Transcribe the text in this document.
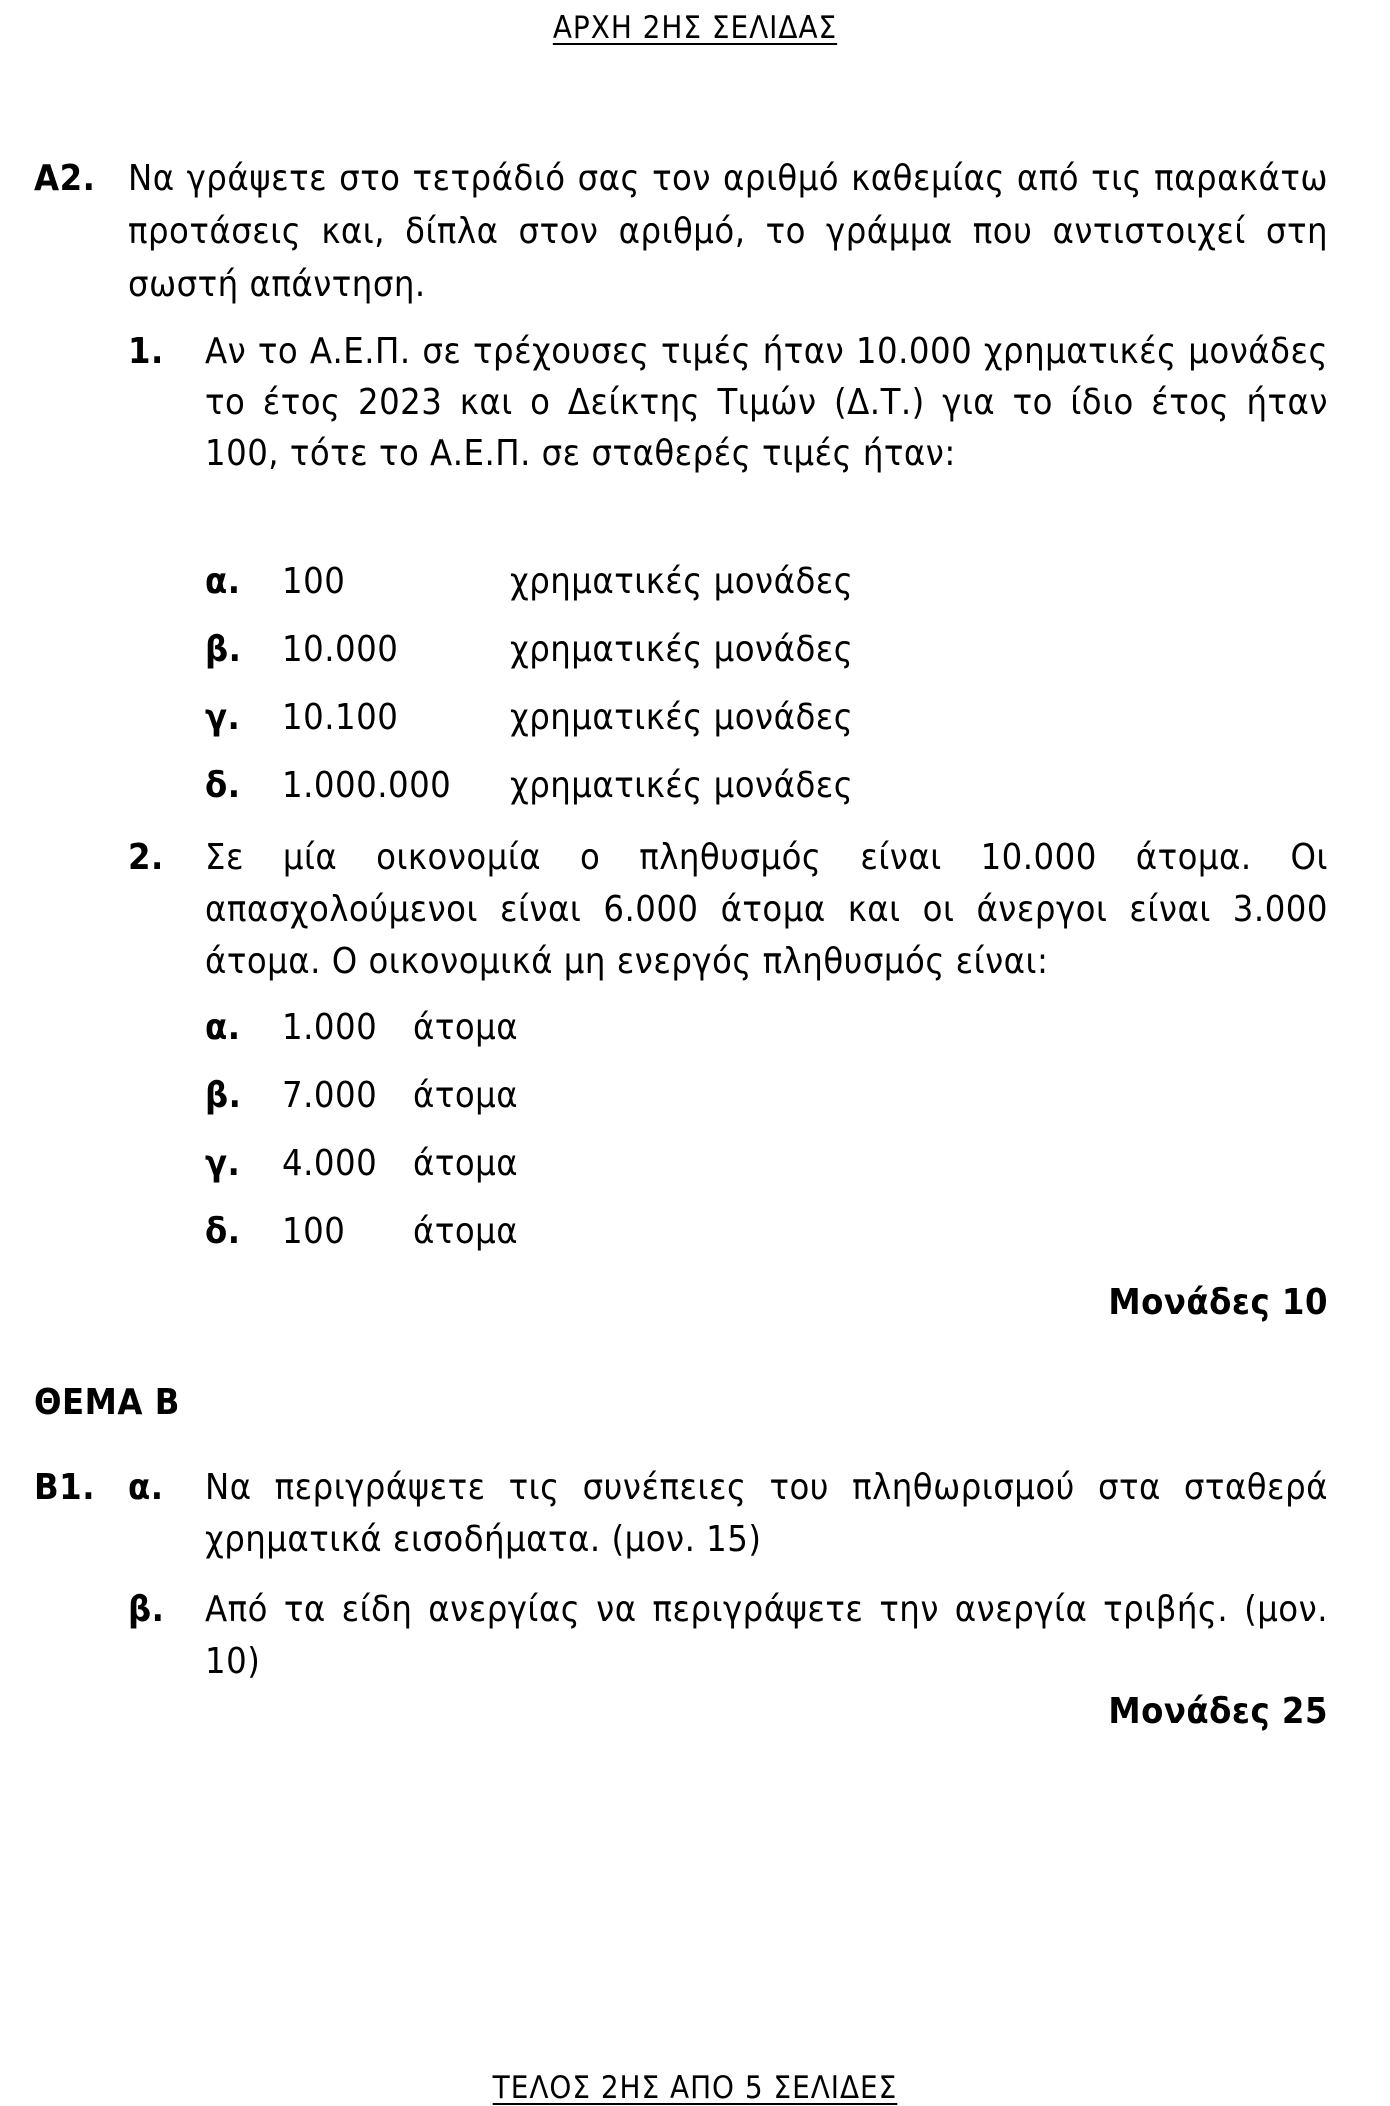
ΑΡΧΗ 2ΗΣ ΣΕΛΙΔΑΣ
Α2. Να γράψετε στο τετράδιό σας τον αριθμό καθεμίας από τις παρακάτω προτάσεις και, δίπλα στον αριθμό, το γράμμα που αντιστοιχεί στη σωστή απάντηση.
1. Αν το Α.Ε.Π. σε τρέχουσες τιμές ήταν 10.000 χρηματικές μονάδες το έτος 2023 και ο Δείκτης Τιμών (Δ.Τ.) για το ίδιο έτος ήταν 100, τότε το Α.Ε.Π. σε σταθερές τιμές ήταν:
α. 100	χρηματικές μονάδες
β. 10.000	χρηματικές μονάδες
γ. 10.100	χρηματικές μονάδες
δ. 1.000.000 χρηματικές μονάδες
2. Σε μία οικονομία ο πληθυσμός είναι 10.000 άτομα. Οι απασχολούμενοι είναι 6.000 άτομα και οι άνεργοι είναι 3.000 άτομα. Ο οικονομικά μη ενεργός πληθυσμός είναι:
α. 1.000 άτομα
β. 7.000 άτομα
γ. 4.000 άτομα
δ. 100 άτομα
Μονάδες 10
ΘΕΜΑ Β
Β1. α. Να περιγράψετε τις συνέπειες του πληθωρισμού στα σταθερά χρηματικά εισοδήματα. (μον. 15)
β. Από τα είδη ανεργίας να περιγράψετε την ανεργία τριβής. (μον. 10)
Μονάδες 25
ΤΕΛΟΣ 2ΗΣ ΑΠΟ 5 ΣΕΛΙΔΕΣ
